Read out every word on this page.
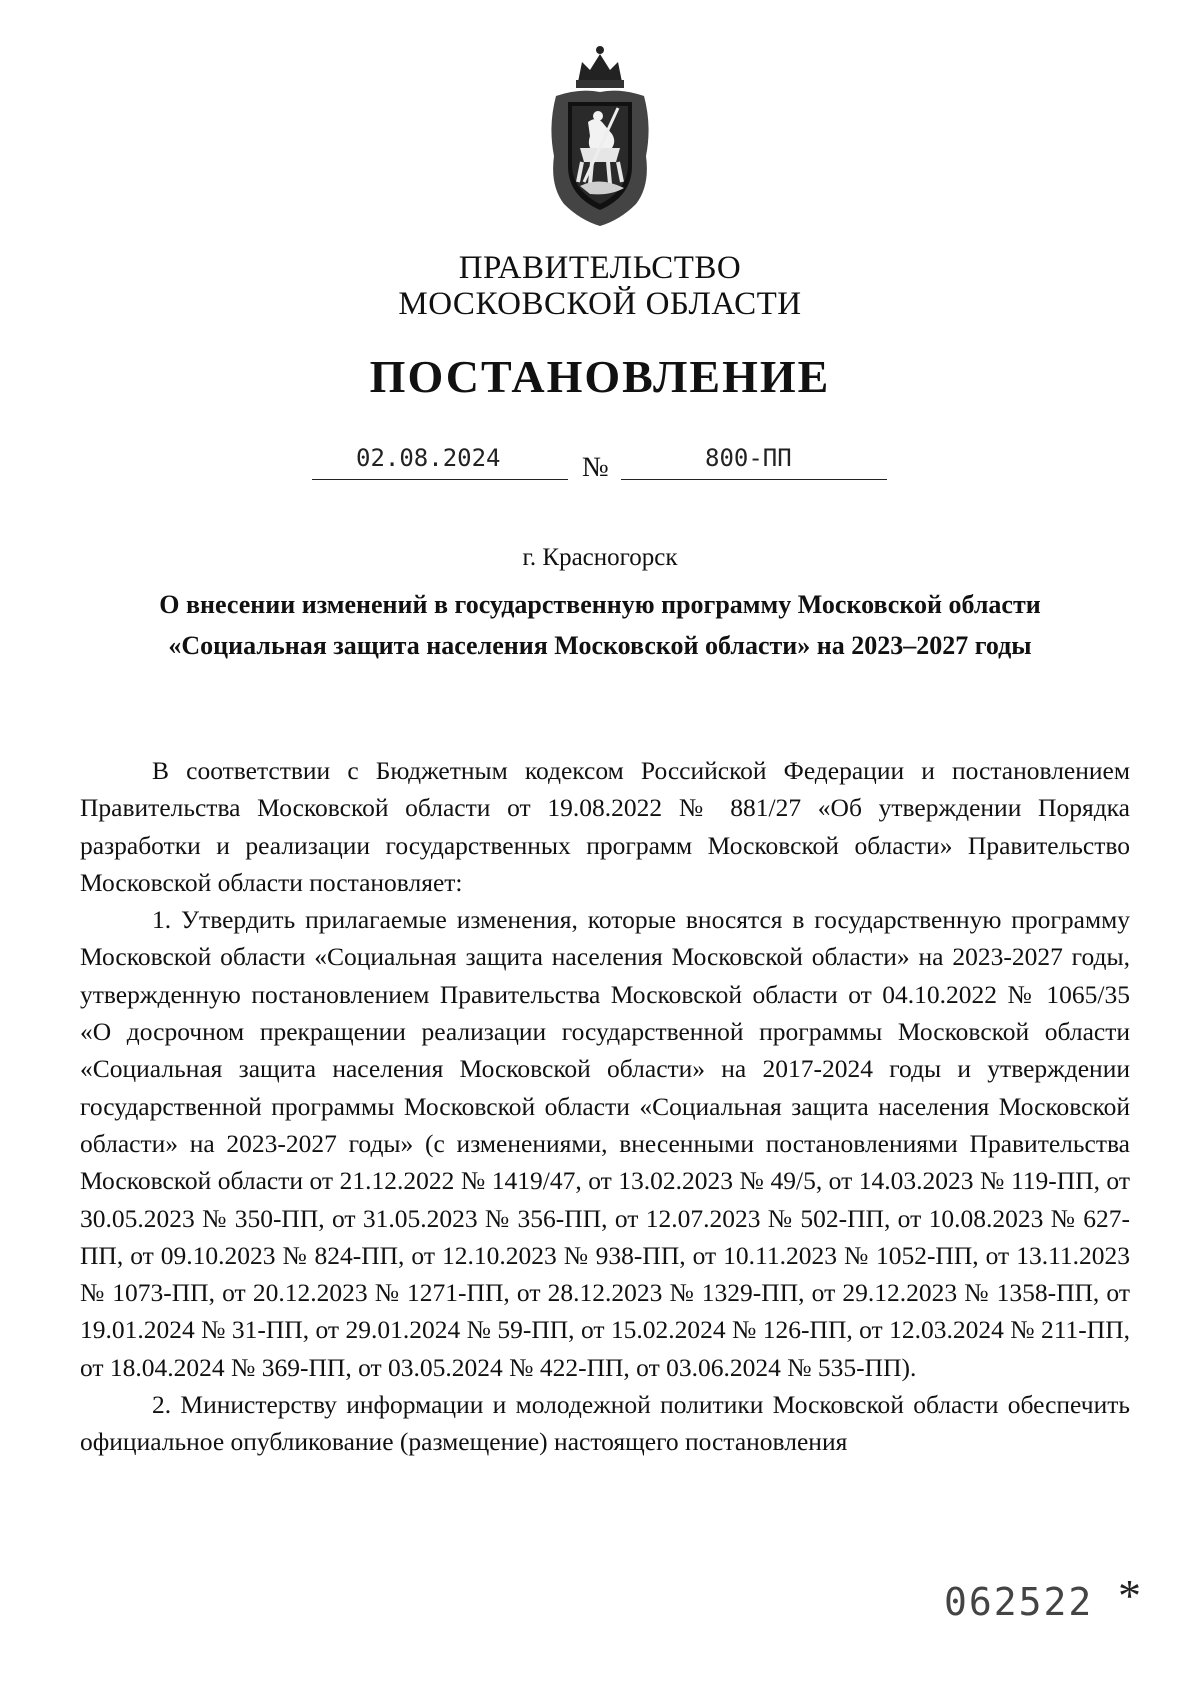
ПРАВИТЕЛЬСТВО
МОСКОВСКОЙ ОБЛАСТИ
ПОСТАНОВЛЕНИЕ
02.08.2024	№	800-ПП
г. Красногорск
О внесении изменений в государственную программу Московской области
«Социальная защита населения Московской области» на 2023–2027 годы

В соответствии с Бюджетным кодексом Российской Федерации и постановлением Правительства Московской области от 19.08.2022 № 881/27 «Об утверждении Порядка разработки и реализации государственных программ Московской области» Правительство Московской области постановляет:

1. Утвердить прилагаемые изменения, которые вносятся в государственную программу Московской области «Социальная защита населения Московской области» на 2023-2027 годы, утвержденную постановлением Правительства Московской области от 04.10.2022 № 1065/35 «О досрочном прекращении реализации государственной программы Московской области «Социальная защита населения Московской области» на 2017-2024 годы и утверждении государственной программы Московской области «Социальная защита населения Московской области» на 2023-2027 годы» (с изменениями, внесенными постановлениями Правительства Московской области от 21.12.2022 № 1419/47, от 13.02.2023 № 49/5, от 14.03.2023 № 119-ПП, от 30.05.2023 № 350-ПП, от 31.05.2023 № 356-ПП, от 12.07.2023 № 502-ПП, от 10.08.2023 № 627-ПП, от 09.10.2023 № 824-ПП, от 12.10.2023 № 938-ПП, от 10.11.2023 № 1052-ПП, от 13.11.2023 № 1073-ПП, от 20.12.2023 № 1271-ПП, от 28.12.2023 № 1329-ПП, от 29.12.2023 № 1358-ПП, от 19.01.2024 № 31-ПП, от 29.01.2024 № 59-ПП, от 15.02.2024 № 126-ПП, от 12.03.2024 № 211-ПП, от 18.04.2024 № 369-ПП, от 03.05.2024 № 422-ПП, от 03.06.2024 № 535-ПП).

2. Министерству информации и молодежной политики Московской области обеспечить официальное опубликование (размещение) настоящего постановления

062522 *
